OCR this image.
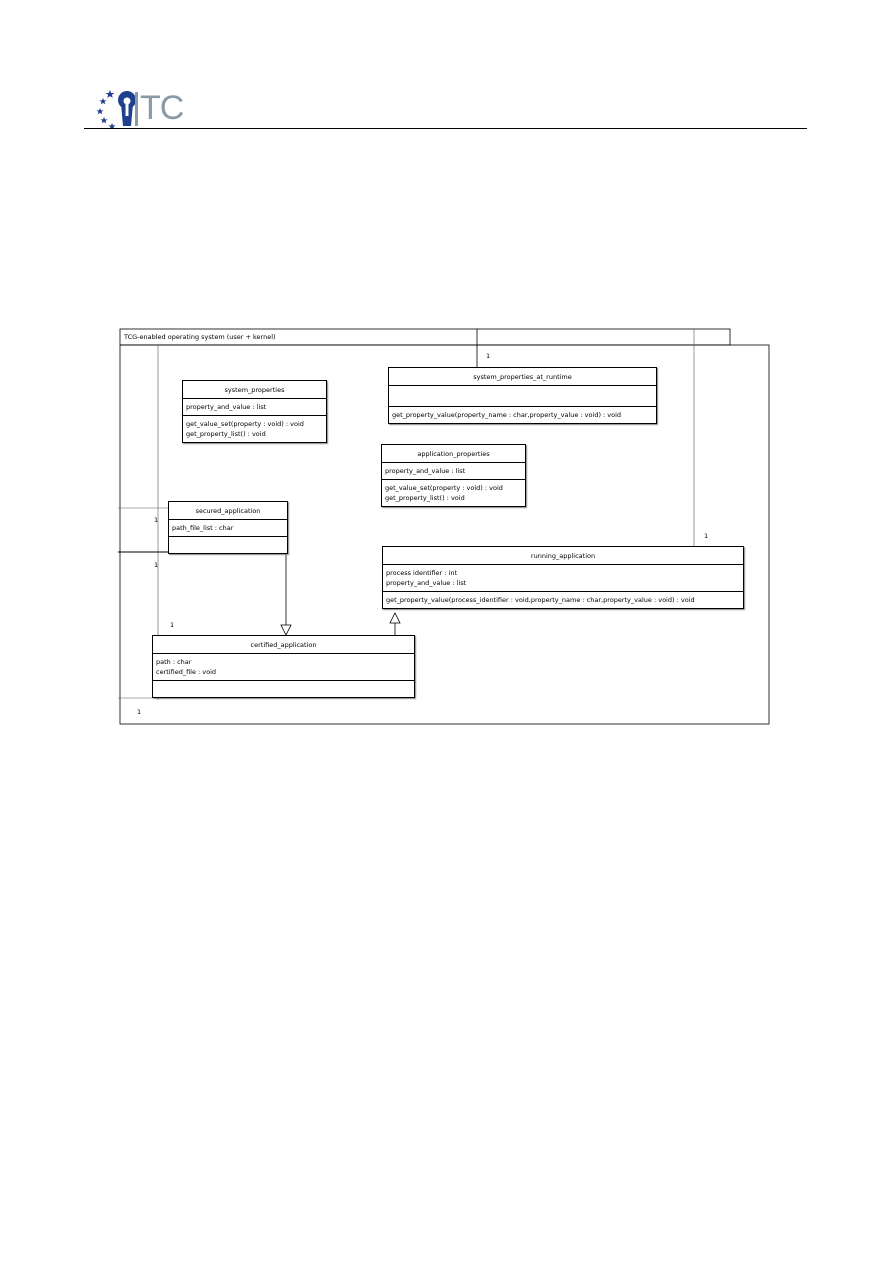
TC
TCG-enabled operating system (user + kernel)
system_properties
property_and_value : list
get_value_set(property : void) : void
get_property_list() : void
system_properties_at_runtime
get_property_value(property_name : char,property_value : void) : void
application_properties
property_and_value : list
get_value_set(property : void) : void
get_property_list() : void
secured_application
path_file_list : char
running_application
process identifier : int
property_and_value : list
get_property_value(process_identifier : void,property_name : char,property_value : void) : void
certified_application
path : char
certified_file : void
1
1
1
1
1
1
